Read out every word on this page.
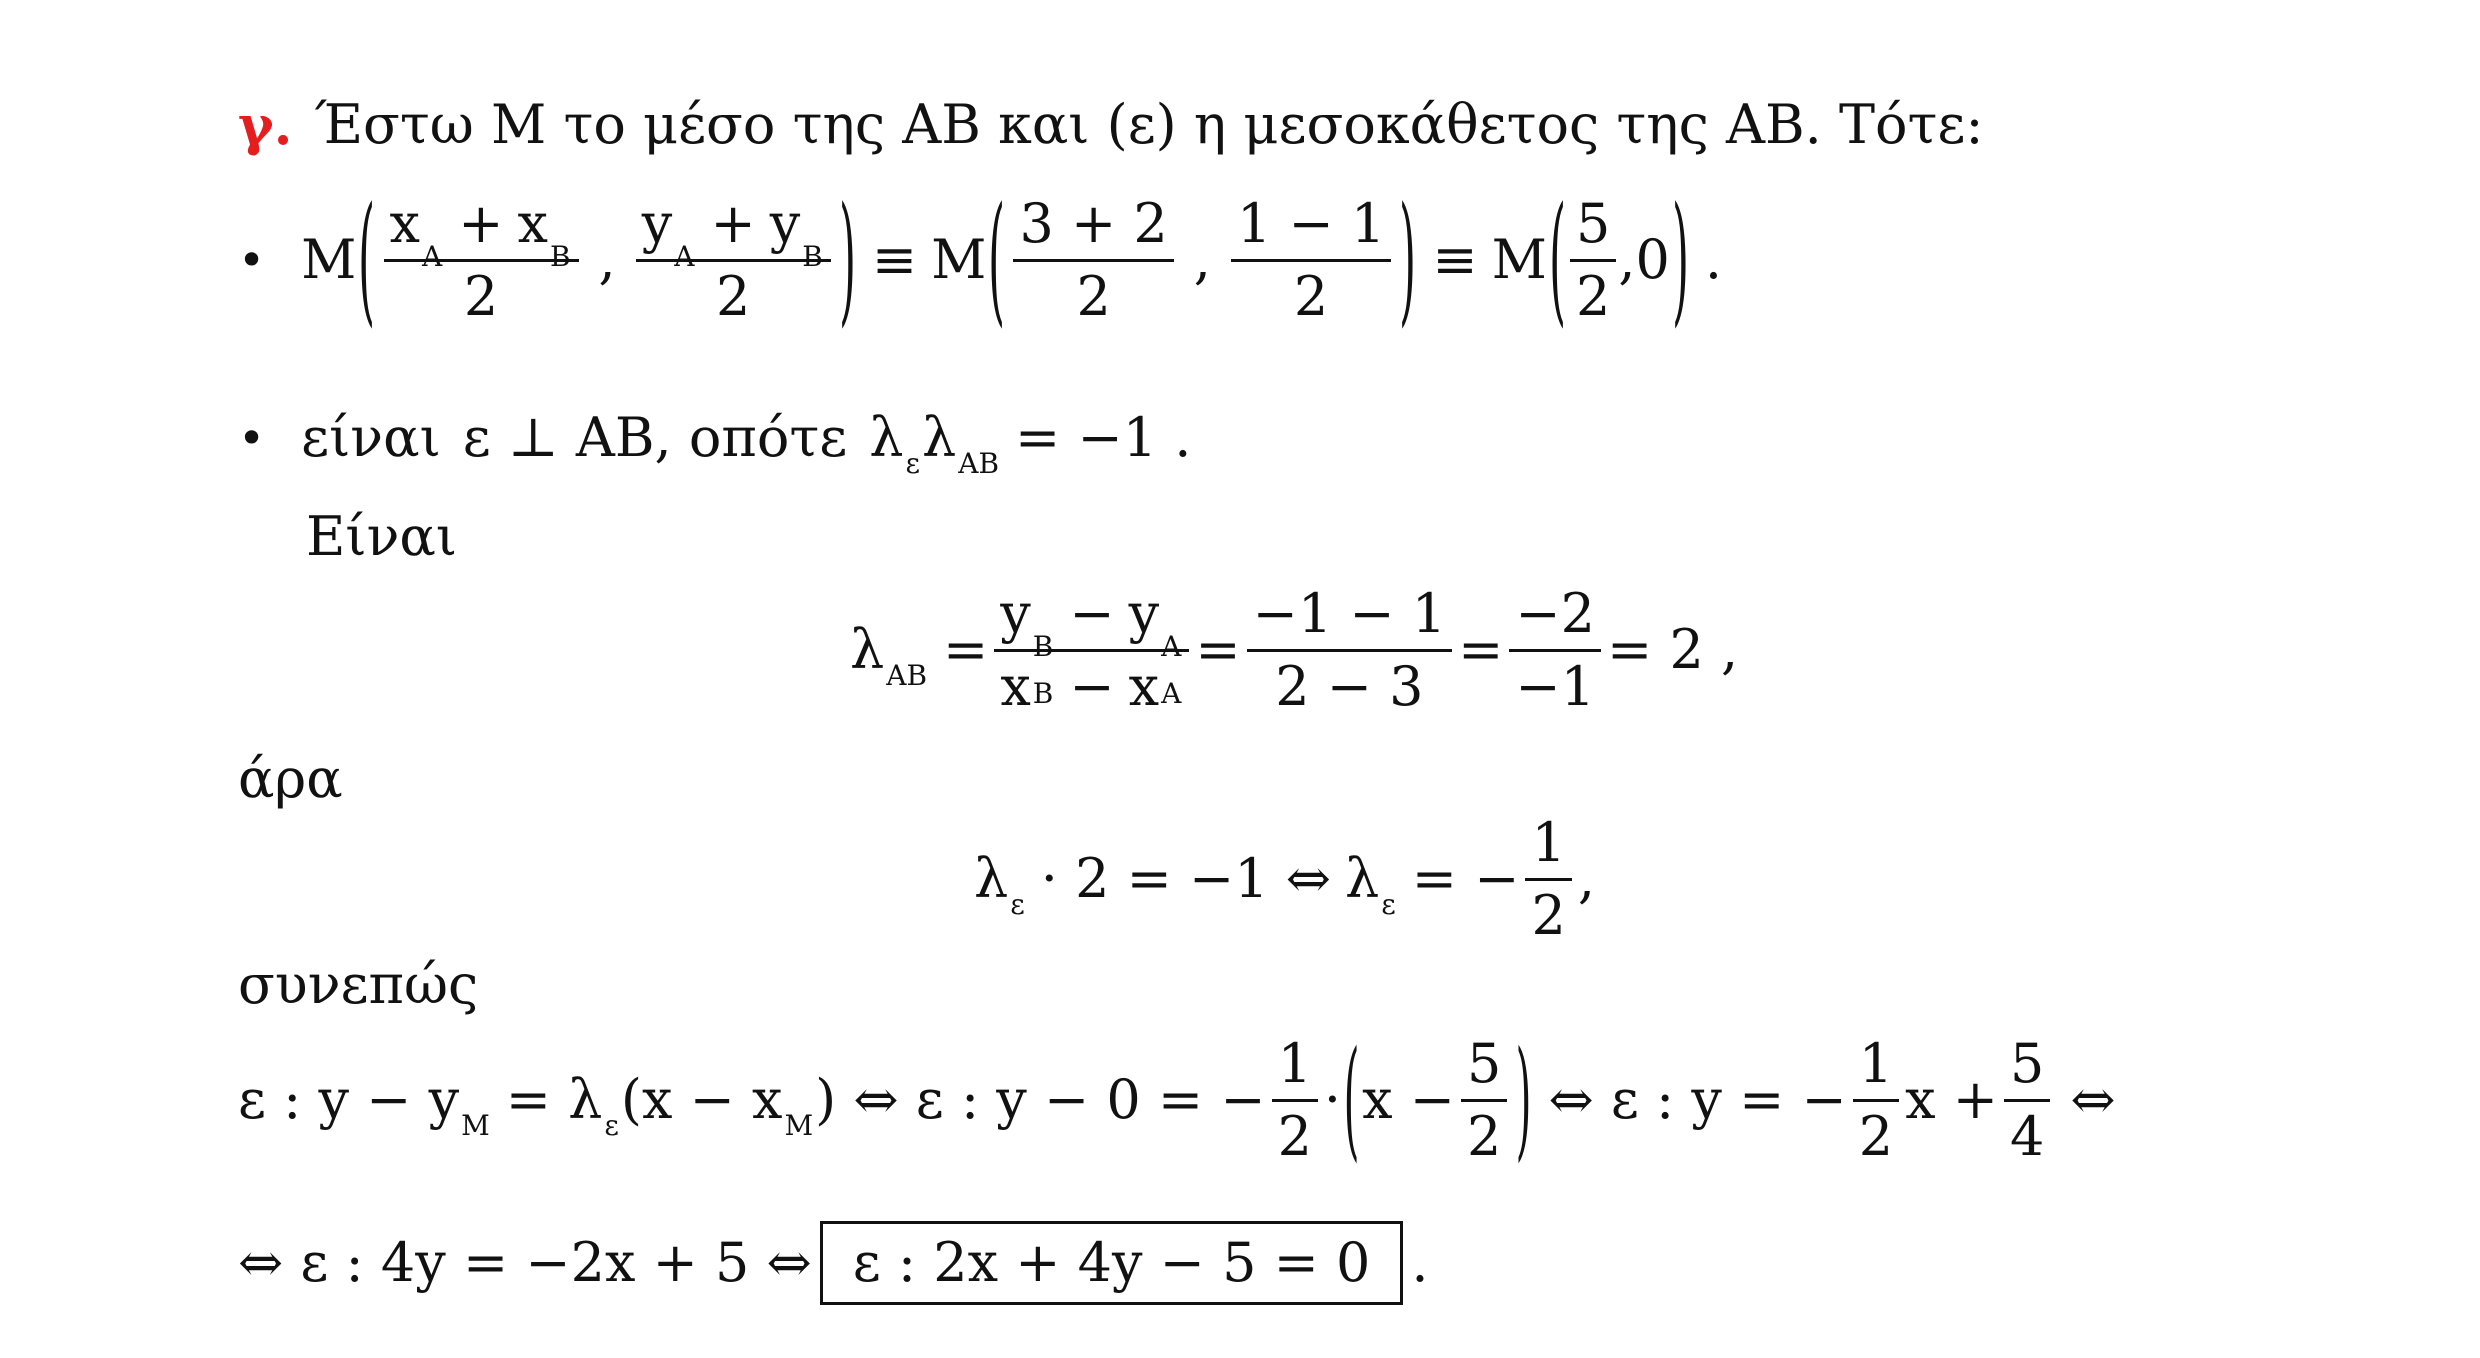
γ. Έστω M το μέσο της AB και (ε) η μεσοκάθετος της AB. Τότε:
• M ( x
A
+ x
B
2 , y
A
+ y
B
2 ) ≡ M ( $\frac{3 + 2}{2}$ , $\frac{1 - 1}{2}$ ) ≡ M ( $\frac{5}{2} ,0$ ) .
• είναι ε ⊥ AB , οπότε λ ε λ AB = −1 .
Είναι
λ AB = y
B
− y
A
x B − x $A = \frac{-1 - 1}{2 - 3} = \frac{-2}{-1} = 2$ ,
άρα
λ ε · 2 = −1 ⇔ λ ε = − $\frac{1}{2}$ ,
συνεπώς
ε : y − y M = λ ε (x − x M ) ⇔ ε : y − 0 = − $\frac{1}{2}$ · ( $x - \frac{5}{2}$ ) ⇔ ε : y = − $\frac{1}{2}$ $x + \frac{5}{4}$ ⇔
⇔ ε : 4y = −2x + 5 ⇔ ε : 2x + 4y − 5 = 0 .
